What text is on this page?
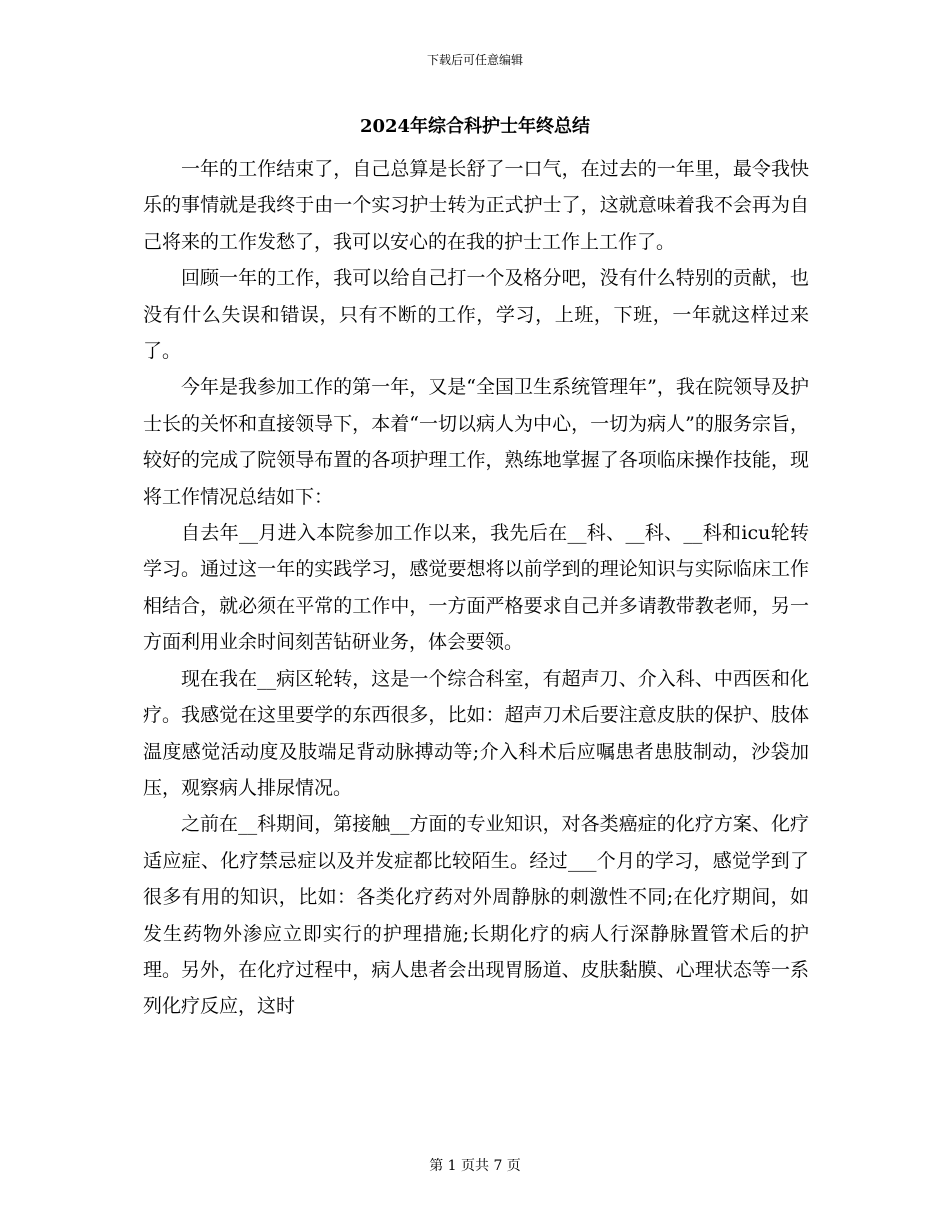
下载后可任意编辑
2024年综合科护士年终总结

一年的工作结束了，自己总算是长舒了一口气，在过去的一年里，最令我快乐的事情就是我终于由一个实习护士转为正式护士了，这就意味着我不会再为自己将来的工作发愁了，我可以安心的在我的护士工作上工作了。

回顾一年的工作，我可以给自己打一个及格分吧，没有什么特别的贡献，也没有什么失误和错误，只有不断的工作，学习，上班，下班，一年就这样过来了。

今年是我参加工作的第一年，又是“全国卫生系统管理年”，我在院领导及护士长的关怀和直接领导下，本着“一切以病人为中心，一切为病人”的服务宗旨，较好的完成了院领导布置的各项护理工作，熟练地掌握了各项临床操作技能，现将工作情况总结如下：

自去年__月进入本院参加工作以来，我先后在__科、__科、__科和icu轮转学习。通过这一年的实践学习，感觉要想将以前学到的理论知识与实际临床工作相结合，就必须在平常的工作中，一方面严格要求自己并多请教带教老师，另一方面利用业余时间刻苦钻研业务，体会要领。

现在我在__病区轮转，这是一个综合科室，有超声刀、介入科、中西医和化疗。我感觉在这里要学的东西很多，比如：超声刀术后要注意皮肤的保护、肢体温度感觉活动度及肢端足背动脉搏动等;介入科术后应嘱患者患肢制动，沙袋加压，观察病人排尿情况。

之前在__科期间，第接触__方面的专业知识，对各类癌症的化疗方案、化疗适应症、化疗禁忌症以及并发症都比较陌生。经过___个月的学习，感觉学到了很多有用的知识，比如：各类化疗药对外周静脉的刺激性不同;在化疗期间，如发生药物外渗应立即实行的护理措施;长期化疗的病人行深静脉置管术后的护理。另外，在化疗过程中，病人患者会出现胃肠道、皮肤黏膜、心理状态等一系列化疗反应，这时

第 1 页共 7 页
